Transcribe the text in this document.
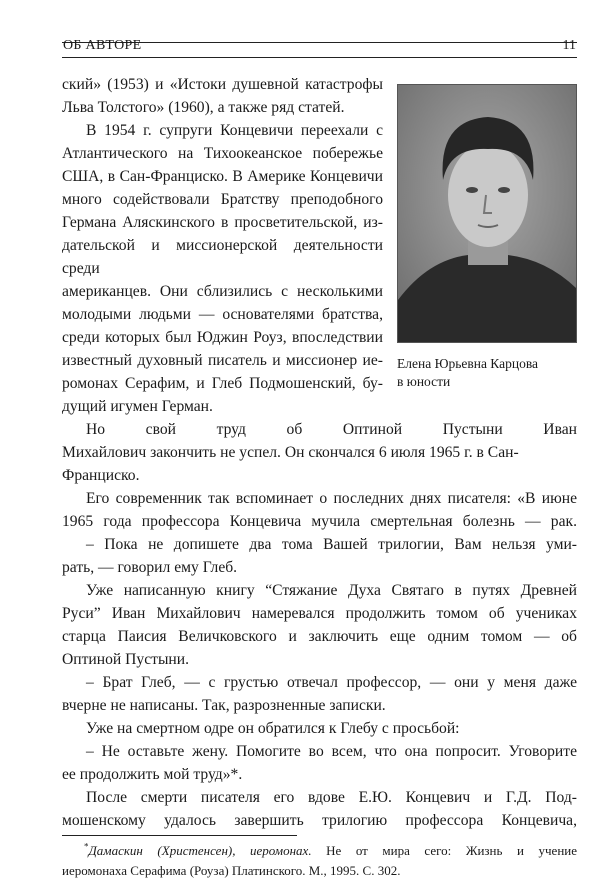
ОБ АВТОРЕ	11
Елена Юрьевна Карцова
в юности
ский» (1953) и «Истоки душевной катастрофы
Льва Толстого» (1960), а также ряд статей.
В 1954 г. супруги Концевичи переехали с
Атлантического на Тихоокеанское побережье
США, в Сан-Франциско. В Америке Концевичи
много содействовали Братству преподобного
Германа Аляскинского в просветительской, из-
дательской и миссионерской деятельности среди
американцев. Они сблизились с несколькими
молодыми людьми — основателями братства,
среди которых был Юджин Роуз, впоследствии
известный духовный писатель и миссионер ие-
ромонах Серафим, и Глеб Подмошенский, бу-
дущий игумен Герман.
Но свой труд об Оптиной Пустыни Иван
Михайлович закончить не успел. Он скончался 6 июля 1965 г. в Сан-
Франциско.
Его современник так вспоминает о последних днях писателя: «В июне
1965 года профессора Концевича мучила смертельная болезнь — рак.
– Пока не допишете два тома Вашей трилогии, Вам нельзя уми-
рать, — говорил ему Глеб.
Уже написанную книгу “Стяжание Духа Святаго в путях Древней
Руси” Иван Михайлович намеревался продолжить томом об учениках
старца Паисия Величковского и заключить еще одним томом — об
Оптиной Пустыни.
– Брат Глеб, — с грустью отвечал профессор, — они у меня даже
вчерне не написаны. Так, разрозненные записки.
Уже на смертном одре он обратился к Глебу с просьбой:
– Не оставьте жену. Помогите во всем, что она попросит. Уговорите
ее продолжить мой труд»*.
После смерти писателя его вдове Е.Ю. Концевич и Г.Д. Под-
мошенскому удалось завершить трилогию профессора Концевича,
*Дамаскин (Христенсен), иеромонах. Не от мира сего: Жизнь и учение
иеромонаха Серафима (Роуза) Платинского. М., 1995. С. 302.
